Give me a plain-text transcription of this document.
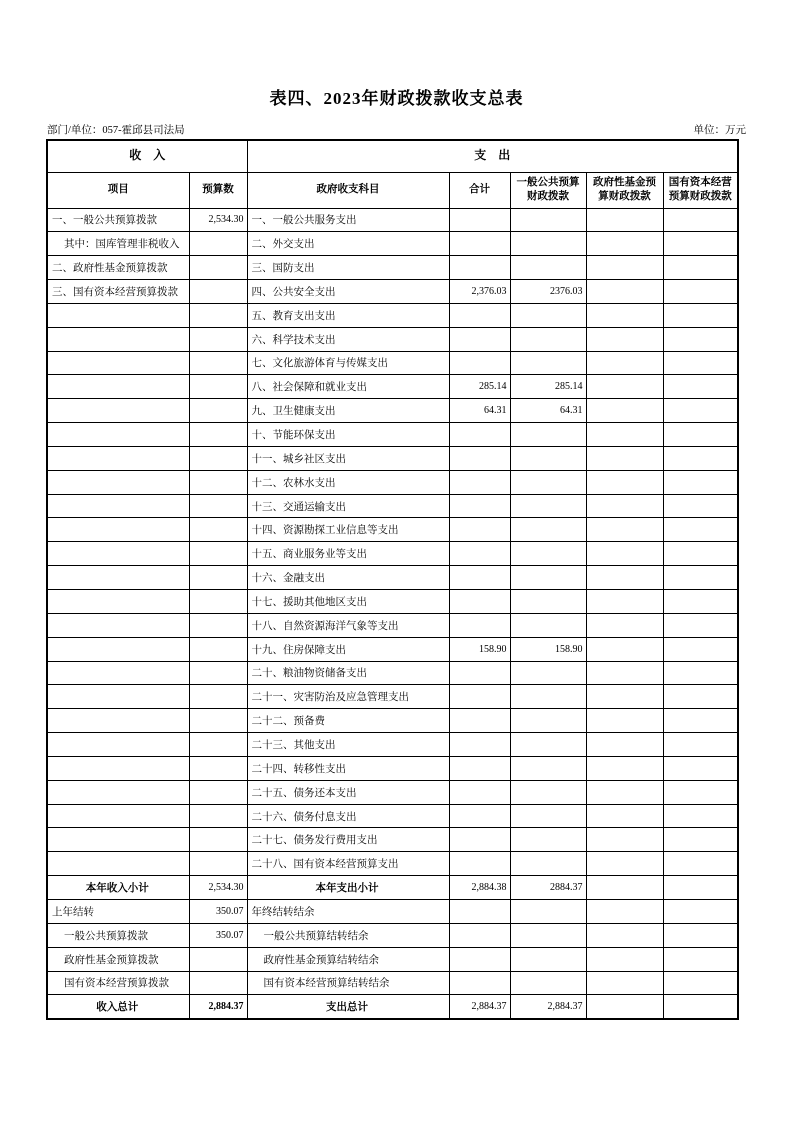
表四、2023年财政拨款收支总表
部门/单位：057-霍邱县司法局	单位：万元
收　入		支　出				
项目	预算数	政府收支科目	合计	一般公共预算财政拨款	政府性基金预算财政拨款	国有资本经营预算财政拨款
一、一般公共预算拨款	2,534.30	一、一般公共服务支出				
其中：国库管理非税收入		二、外交支出				
二、政府性基金预算拨款		三、国防支出				
三、国有资本经营预算拨款		四、公共安全支出	2,376.03	2376.03		
		五、教育支出支出				
		六、科学技术支出				
		七、文化旅游体育与传媒支出				
		八、社会保障和就业支出	285.14	285.14		
		九、卫生健康支出	64.31	64.31		
		十、节能环保支出				
		十一、城乡社区支出				
		十二、农林水支出				
		十三、交通运输支出				
		十四、资源勘探工业信息等支出				
		十五、商业服务业等支出				
		十六、金融支出				
		十七、援助其他地区支出				
		十八、自然资源海洋气象等支出				
		十九、住房保障支出	158.90	158.90		
		二十、粮油物资储备支出				
		二十一、灾害防治及应急管理支出				
		二十二、预备费				
		二十三、其他支出				
		二十四、转移性支出				
		二十五、债务还本支出				
		二十六、债务付息支出				
		二十七、债务发行费用支出				
		二十八、国有资本经营预算支出				
本年收入小计	2,534.30	本年支出小计	2,884.38	2884.37		
上年结转	350.07	年终结转结余				
一般公共预算拨款	350.07	一般公共预算结转结余				
政府性基金预算拨款		政府性基金预算结转结余				
国有资本经营预算拨款		国有资本经营预算结转结余				
收入总计	2,884.37	支出总计	2,884.37	2,884.37		
